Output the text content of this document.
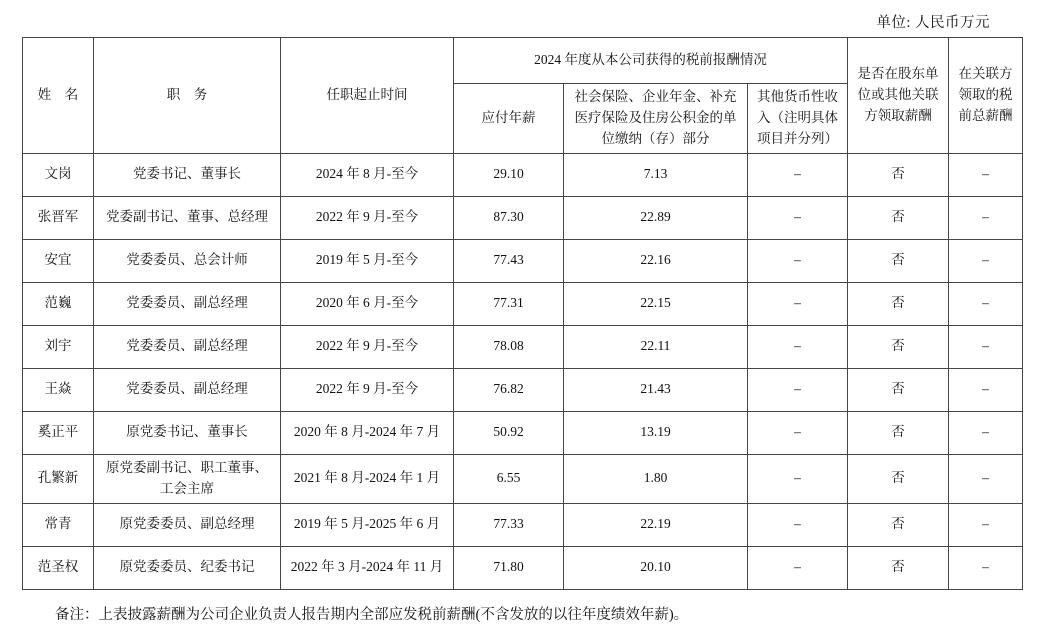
单位: 人民币万元
姓　名	职　务	任职起止时间	2024 年度从本公司获得的税前报酬情况			是否在股东单位或其他关联方领取薪酬	在关联方领取的税前总薪酬
			应付年薪	社会保险、企业年金、补充医疗保险及住房公积金的单位缴纳（存）部分	其他货币性收入（注明具体项目并分列）		
文岗	党委书记、董事长	2024 年 8 月-至今	29.10	7.13	–	否	–
张晋军	党委副书记、董事、总经理	2022 年 9 月-至今	87.30	22.89	–	否	–
安宜	党委委员、总会计师	2019 年 5 月-至今	77.43	22.16	–	否	–
范巍	党委委员、副总经理	2020 年 6 月-至今	77.31	22.15	–	否	–
刘宇	党委委员、副总经理	2022 年 9 月-至今	78.08	22.11	–	否	–
王焱	党委委员、副总经理	2022 年 9 月-至今	76.82	21.43	–	否	–
奚正平	原党委书记、董事长	2020 年 8 月-2024 年 7 月	50.92	13.19	–	否	–
孔繁新	原党委副书记、职工董事、工会主席	2021 年 8 月-2024 年 1 月	6.55	1.80	–	否	–
常青	原党委委员、副总经理	2019 年 5 月-2025 年 6 月	77.33	22.19	–	否	–
范圣权	原党委委员、纪委书记	2022 年 3 月-2024 年 11 月	71.80	20.10	–	否	–
备注：上表披露薪酬为公司企业负责人报告期内全部应发税前薪酬(不含发放的以往年度绩效年薪)。
